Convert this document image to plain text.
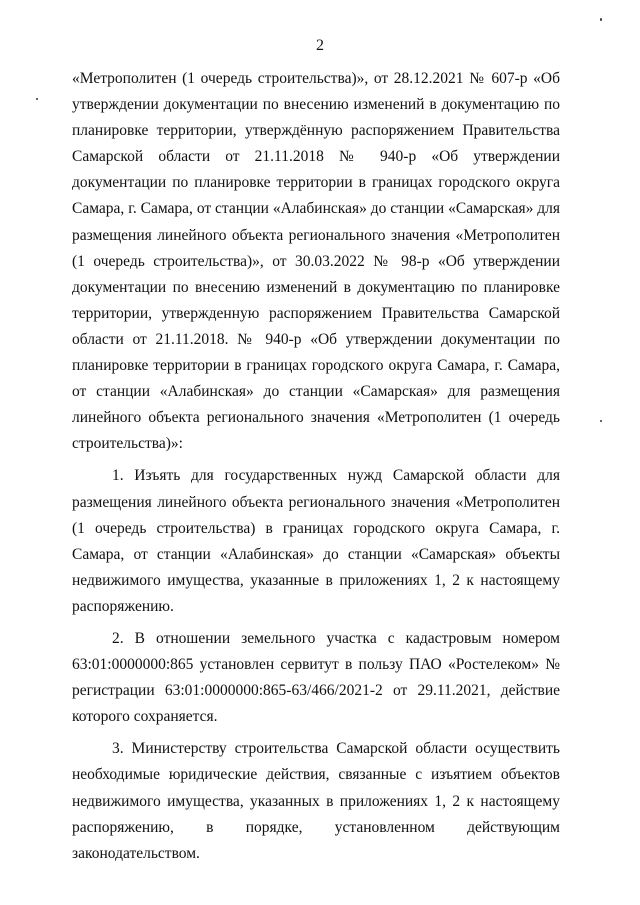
2

«Метрополитен (1 очередь строительства)», от 28.12.2021 № 607-р «Об утверждении документации по внесению изменений в документацию по планировке территории, утверждённую распоряжением Правительства Самарской области от 21.11.2018 № 940-р «Об утверждении документации по планировке территории в границах городского округа Самара, г. Самара, от станции «Алабинская» до станции «Самарская» для размещения линейного объекта регионального значения «Метрополитен (1 очередь строительства)», от 30.03.2022 № 98-р «Об утверждении документации по внесению изменений в документацию по планировке территории, утвержденную распоряжением Правительства Самарской области от 21.11.2018. № 940-р «Об утверждении документации по планировке территории в границах городского округа Самара, г. Самара, от станции «Алабинская» до станции «Самарская» для размещения линейного объекта регионального значения «Метрополитен (1 очередь строительства)»:

1. Изъять для государственных нужд Самарской области для размещения линейного объекта регионального значения «Метрополитен (1 очередь строительства) в границах городского округа Самара, г. Самара, от станции «Алабинская» до станции «Самарская» объекты недвижимого имущества, указанные в приложениях 1, 2 к настоящему распоряжению.

2. В отношении земельного участка с кадастровым номером 63:01:0000000:865 установлен сервитут в пользу ПАО «Ростелеком» № регистрации 63:01:0000000:865-63/466/2021-2 от 29.11.2021, действие которого сохраняется.

3. Министерству строительства Самарской области осуществить необходимые юридические действия, связанные с изъятием объектов недвижимого имущества, указанных в приложениях 1, 2 к настоящему распоряжению, в порядке, установленном действующим законодательством.
